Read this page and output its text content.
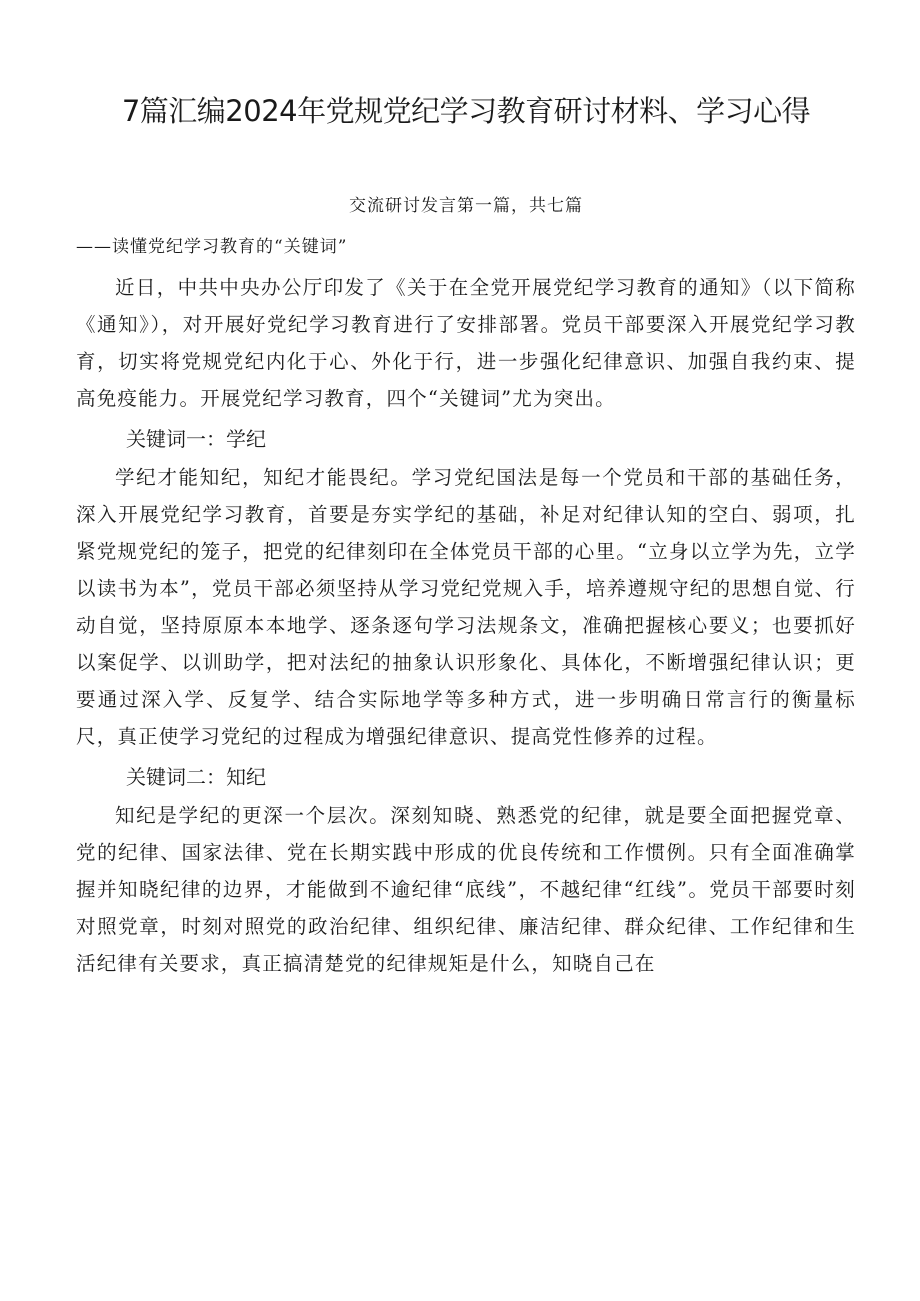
7篇汇编2024年党规党纪学习教育研讨材料、学习心得

交流研讨发言第一篇，共七篇

——读懂党纪学习教育的“关键词”

近日，中共中央办公厅印发了《关于在全党开展党纪学习教育的通知》（以下简称《通知》），对开展好党纪学习教育进行了安排部署。党员干部要深入开展党纪学习教育，切实将党规党纪内化于心、外化于行，进一步强化纪律意识、加强自我约束、提高免疫能力。开展党纪学习教育，四个“关键词”尤为突出。

关键词一：学纪

学纪才能知纪，知纪才能畏纪。学习党纪国法是每一个党员和干部的基础任务，深入开展党纪学习教育，首要是夯实学纪的基础，补足对纪律认知的空白、弱项，扎紧党规党纪的笼子，把党的纪律刻印在全体党员干部的心里。“立身以立学为先，立学以读书为本”，党员干部必须坚持从学习党纪党规入手，培养遵规守纪的思想自觉、行动自觉，坚持原原本本地学、逐条逐句学习法规条文，准确把握核心要义；也要抓好以案促学、以训助学，把对法纪的抽象认识形象化、具体化，不断增强纪律认识；更要通过深入学、反复学、结合实际地学等多种方式，进一步明确日常言行的衡量标尺，真正使学习党纪的过程成为增强纪律意识、提高党性修养的过程。

关键词二：知纪

知纪是学纪的更深一个层次。深刻知晓、熟悉党的纪律，就是要全面把握党章、党的纪律、国家法律、党在长期实践中形成的优良传统和工作惯例。只有全面准确掌握并知晓纪律的边界，才能做到不逾纪律“底线”，不越纪律“红线”。党员干部要时刻对照党章，时刻对照党的政治纪律、组织纪律、廉洁纪律、群众纪律、工作纪律和生活纪律有关要求，真正搞清楚党的纪律规矩是什么，知晓自己在
